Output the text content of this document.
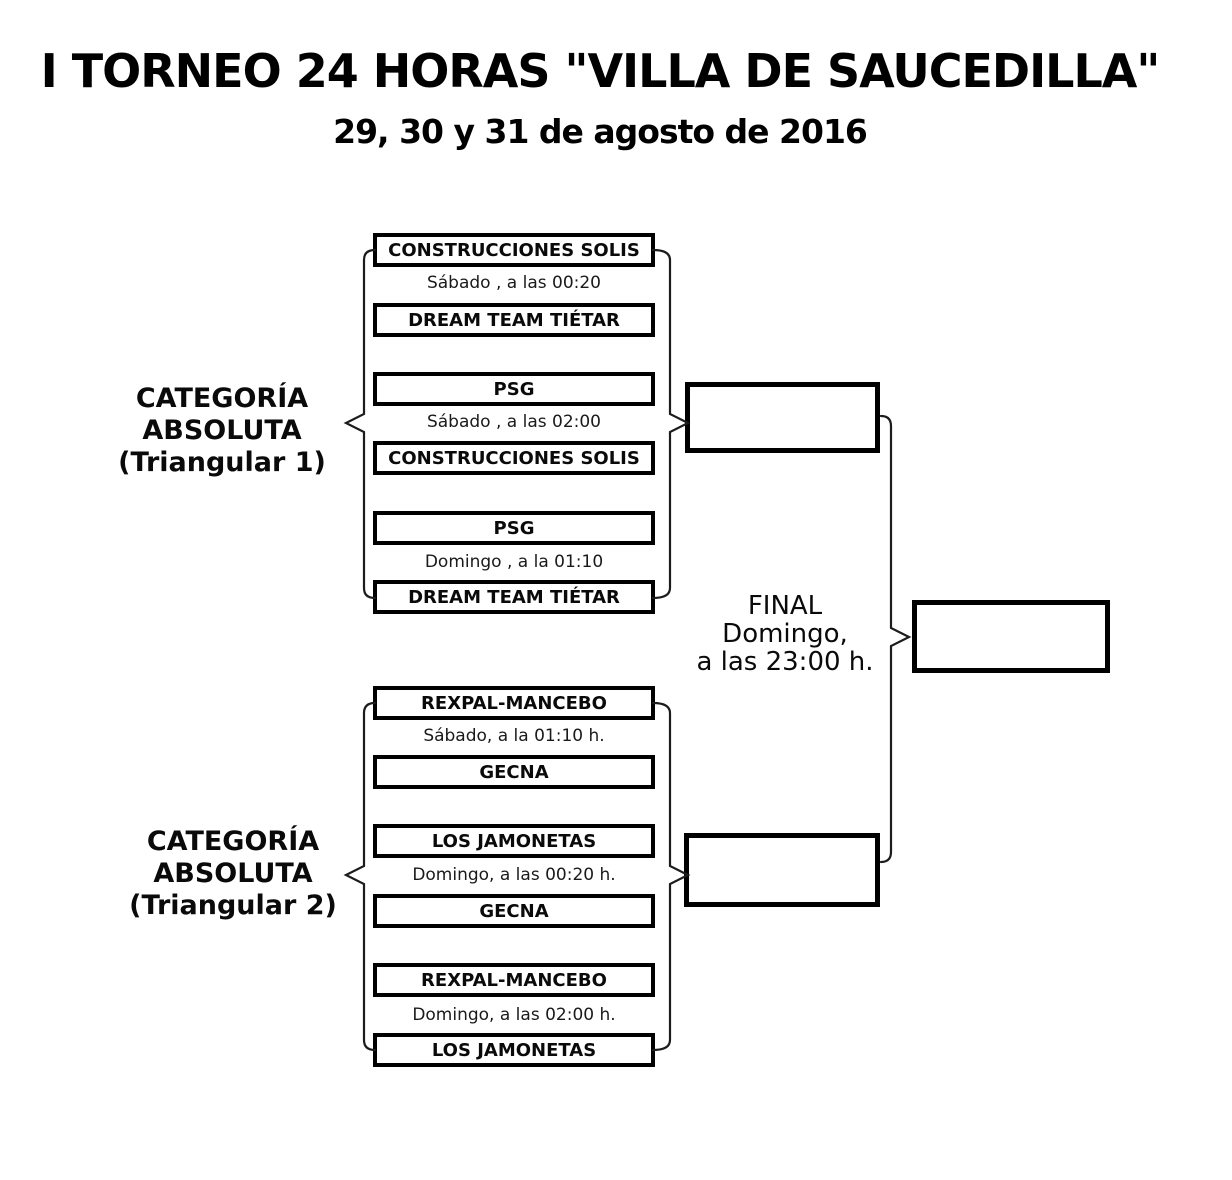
I TORNEO 24 HORAS "VILLA DE SAUCEDILLA"
29, 30 y 31 de agosto de 2016
CATEGORÍA
ABSOLUTA
(Triangular 1)
CATEGORÍA
ABSOLUTA
(Triangular 2)
CONSTRUCCIONES SOLIS
Sábado , a las 00:20
DREAM TEAM TIÉTAR
PSG
Sábado , a las 02:00
CONSTRUCCIONES SOLIS
PSG
Domingo , a la 01:10
DREAM TEAM TIÉTAR
REXPAL-MANCEBO
Sábado, a la 01:10 h.
GECNA
LOS JAMONETAS
Domingo, a las 00:20 h.
GECNA
REXPAL-MANCEBO
Domingo, a las 02:00 h.
LOS JAMONETAS
FINAL
Domingo,
a las 23:00 h.
